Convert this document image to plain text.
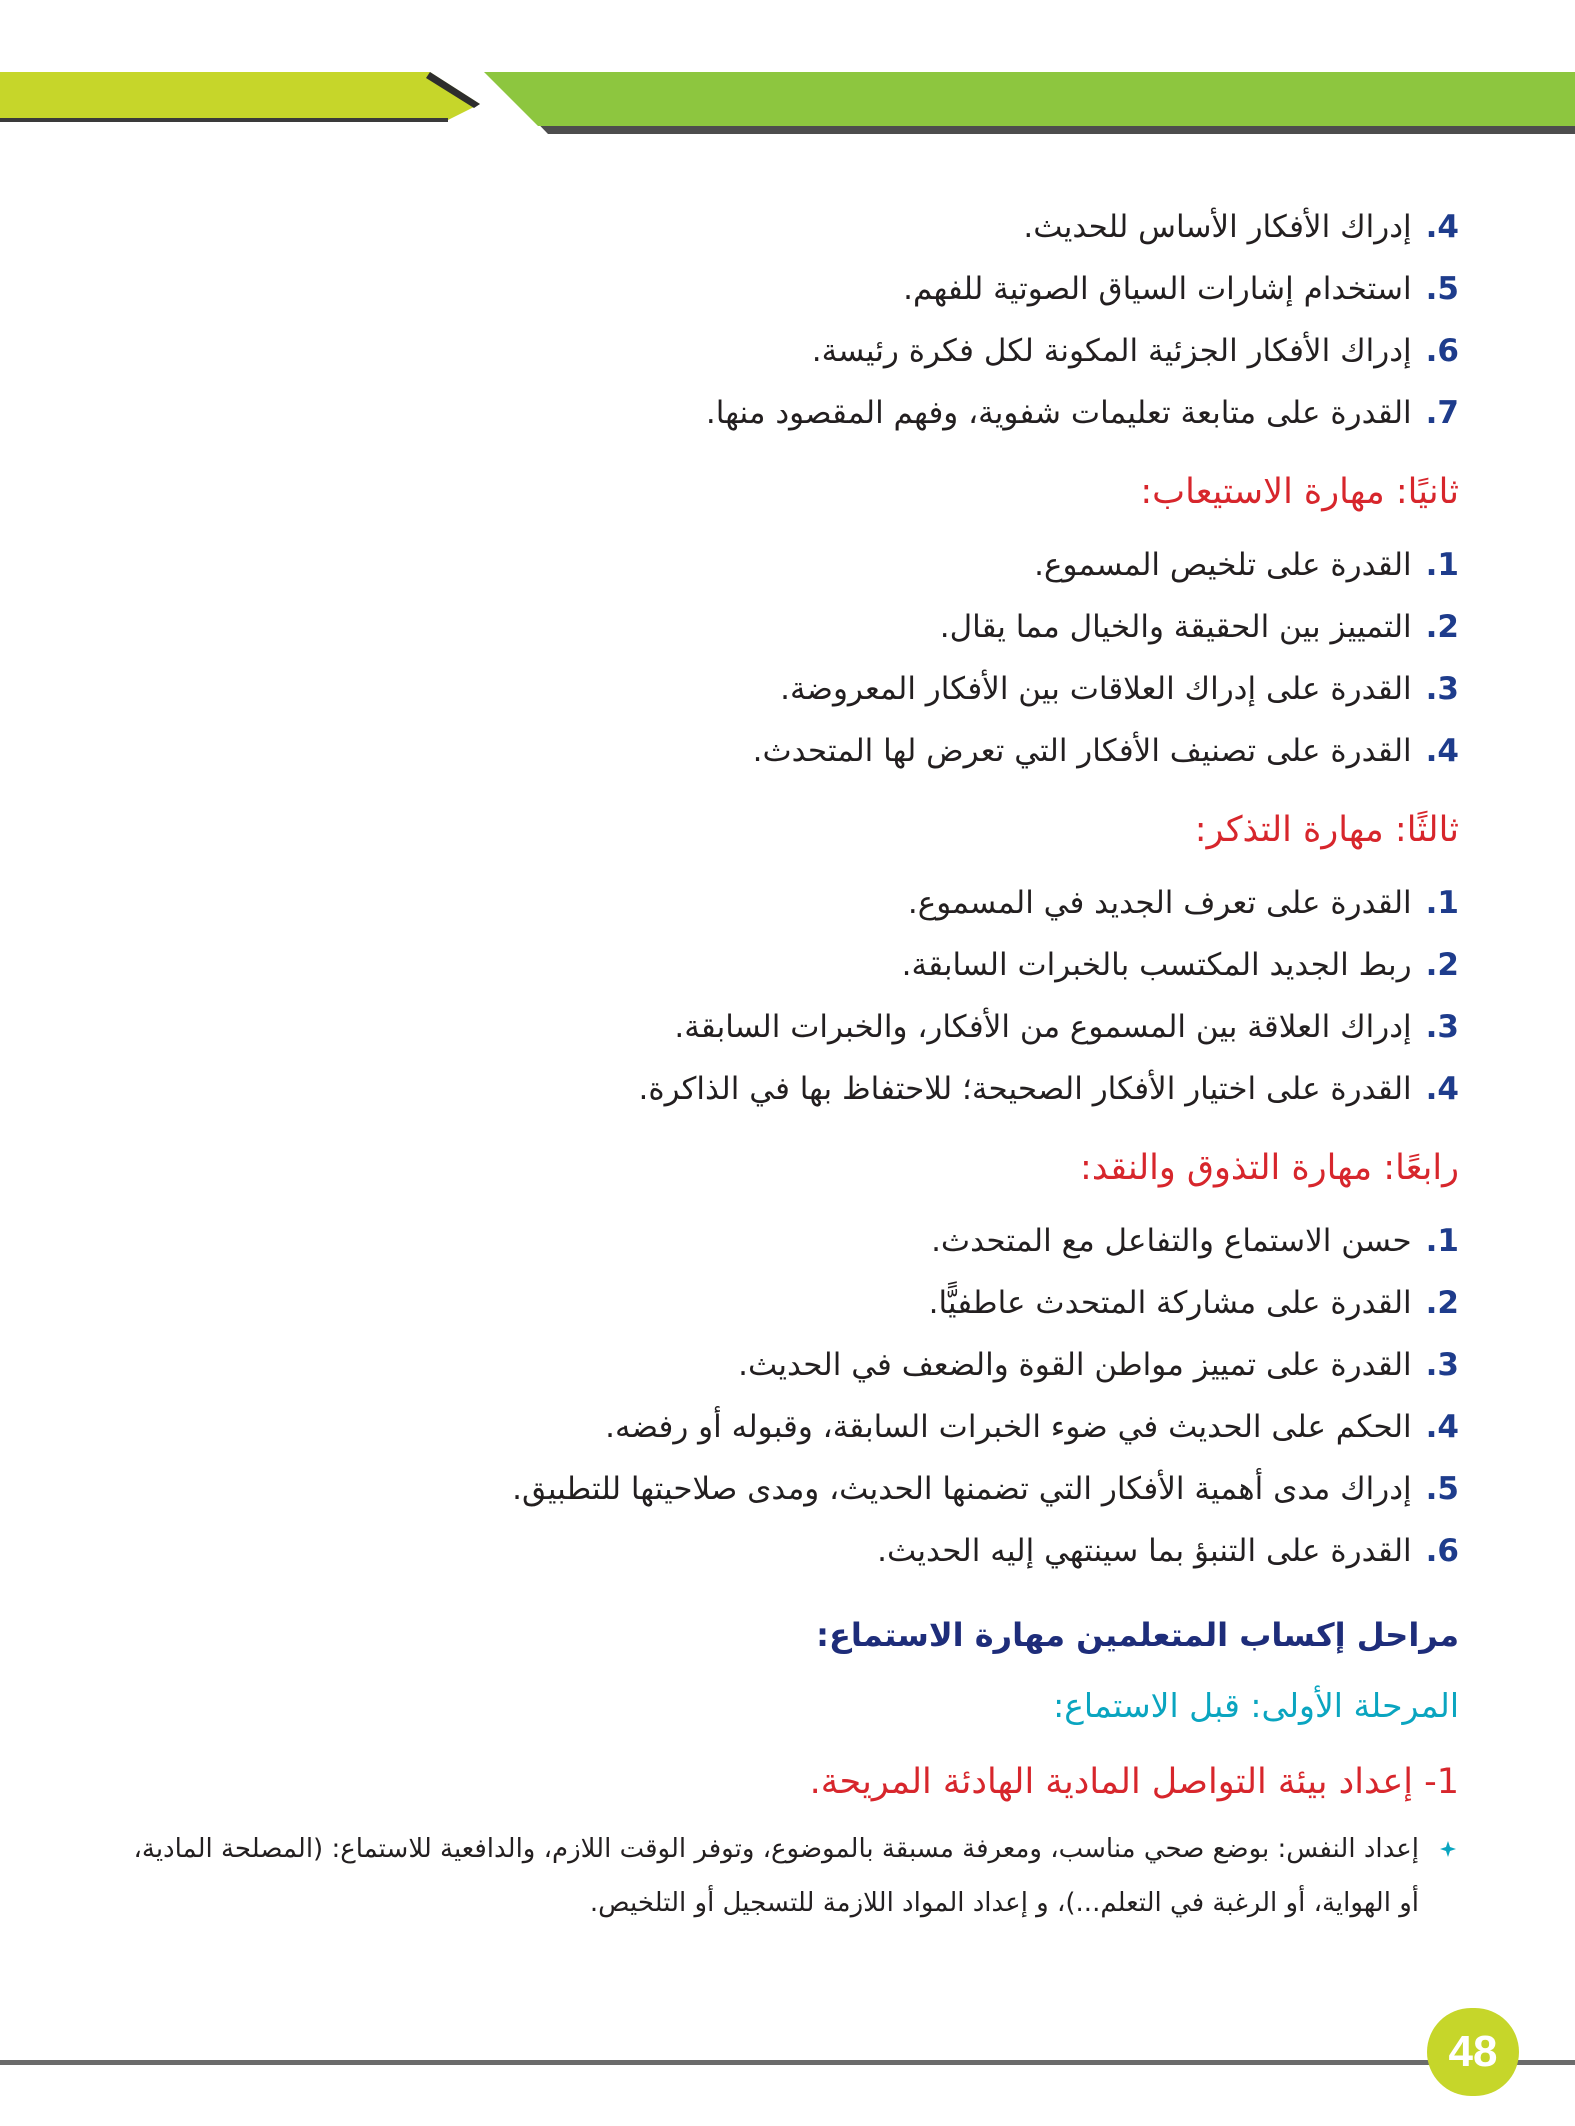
4.إدراك الأفكار الأساس للحديث.
5.استخدام إشارات السياق الصوتية للفهم.
6.إدراك الأفكار الجزئية المكونة لكل فكرة رئيسة.
7.القدرة على متابعة تعليمات شفوية، وفهم المقصود منها.
ثانيًا: مهارة الاستيعاب:
1.القدرة على تلخيص المسموع.
2.التمييز بين الحقيقة والخيال مما يقال.
3.القدرة على إدراك العلاقات بين الأفكار المعروضة.
4.القدرة على تصنيف الأفكار التي تعرض لها المتحدث.
ثالثًا: مهارة التذكر:
1.القدرة على تعرف الجديد في المسموع.
2.ربط الجديد المكتسب بالخبرات السابقة.
3.إدراك العلاقة بين المسموع من الأفكار، والخبرات السابقة.
4.القدرة على اختيار الأفكار الصحيحة؛ للاحتفاظ بها في الذاكرة.
رابعًا: مهارة التذوق والنقد:
1.حسن الاستماع والتفاعل مع المتحدث.
2.القدرة على مشاركة المتحدث عاطفيًّا.
3.القدرة على تمييز مواطن القوة والضعف في الحديث.
4.الحكم على الحديث في ضوء الخبرات السابقة، وقبوله أو رفضه.
5.إدراك مدى أهمية الأفكار التي تضمنها الحديث، ومدى صلاحيتها للتطبيق.
6.القدرة على التنبؤ بما سينتهي إليه الحديث.
مراحل إكساب المتعلمين مهارة الاستماع:
المرحلة الأولى: قبل الاستماع:
1- إعداد بيئة التواصل المادية الهادئة المريحة.
إعداد النفس: بوضع صحي مناسب، ومعرفة مسبقة بالموضوع، وتوفر الوقت اللازم، والدافعية للاستماع: (المصلحة المادية،
أو الهواية، أو الرغبة في التعلم...)، و إعداد المواد اللازمة للتسجيل أو التلخيص.
48
